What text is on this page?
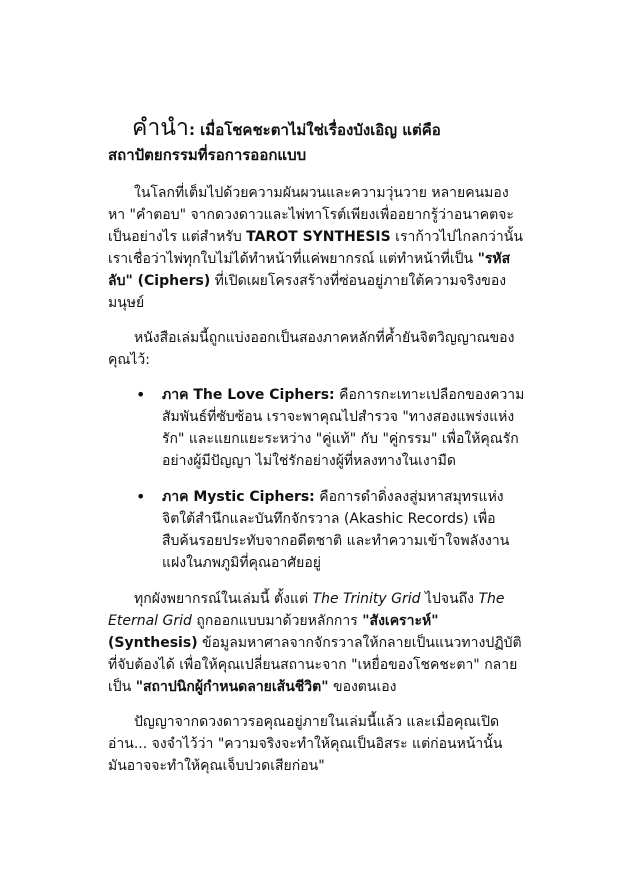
คำนำ: เมื่อโชคชะตาไม่ใช่เรื่องบังเอิญ แต่คือ
สถาปัตยกรรมที่รอการออกแบบ

ในโลกที่เต็มไปด้วยความผันผวนและความวุ่นวาย หลายคนมองหา "คำตอบ" จากดวงดาวและไพ่ทาโรต์เพียงเพื่ออยากรู้ว่าอนาคตจะเป็นอย่างไร แต่สำหรับ TAROT SYNTHESIS เราก้าวไปไกลกว่านั้น เราเชื่อว่าไพ่ทุกใบไม่ได้ทำหน้าที่แค่พยากรณ์ แต่ทำหน้าที่เป็น "รหัสลับ" (Ciphers) ที่เปิดเผยโครงสร้างที่ซ่อนอยู่ภายใต้ความจริงของมนุษย์

หนังสือเล่มนี้ถูกแบ่งออกเป็นสองภาคหลักที่ค้ำยันจิตวิญญาณของคุณไว้:

• ภาค The Love Ciphers: คือการกะเทาะเปลือกของความสัมพันธ์ที่ซับซ้อน เราจะพาคุณไปสำรวจ "ทางสองแพร่งแห่งรัก" และแยกแยะระหว่าง "คู่แท้" กับ "คู่กรรม" เพื่อให้คุณรักอย่างผู้มีปัญญา ไม่ใช่รักอย่างผู้ที่หลงทางในเงามืด
• ภาค Mystic Ciphers: คือการดำดิ่งลงสู่มหาสมุทรแห่งจิตใต้สำนึกและบันทึกจักรวาล (Akashic Records) เพื่อสืบค้นรอยประทับจากอดีตชาติ และทำความเข้าใจพลังงานแฝงในภพภูมิที่คุณอาศัยอยู่

ทุกผังพยากรณ์ในเล่มนี้ ตั้งแต่ The Trinity Grid ไปจนถึง The Eternal Grid ถูกออกแบบมาด้วยหลักการ "สังเคราะห์" (Synthesis) ข้อมูลมหาศาลจากจักรวาลให้กลายเป็นแนวทางปฏิบัติที่จับต้องได้ เพื่อให้คุณเปลี่ยนสถานะจาก "เหยื่อของโชคชะตา" กลายเป็น "สถาปนิกผู้กำหนดลายเส้นชีวิต" ของตนเอง

ปัญญาจากดวงดาวรอคุณอยู่ภายในเล่มนี้แล้ว และเมื่อคุณเปิดอ่าน... จงจำไว้ว่า "ความจริงจะทำให้คุณเป็นอิสระ แต่ก่อนหน้านั้น มันอาจจะทำให้คุณเจ็บปวดเสียก่อน"
